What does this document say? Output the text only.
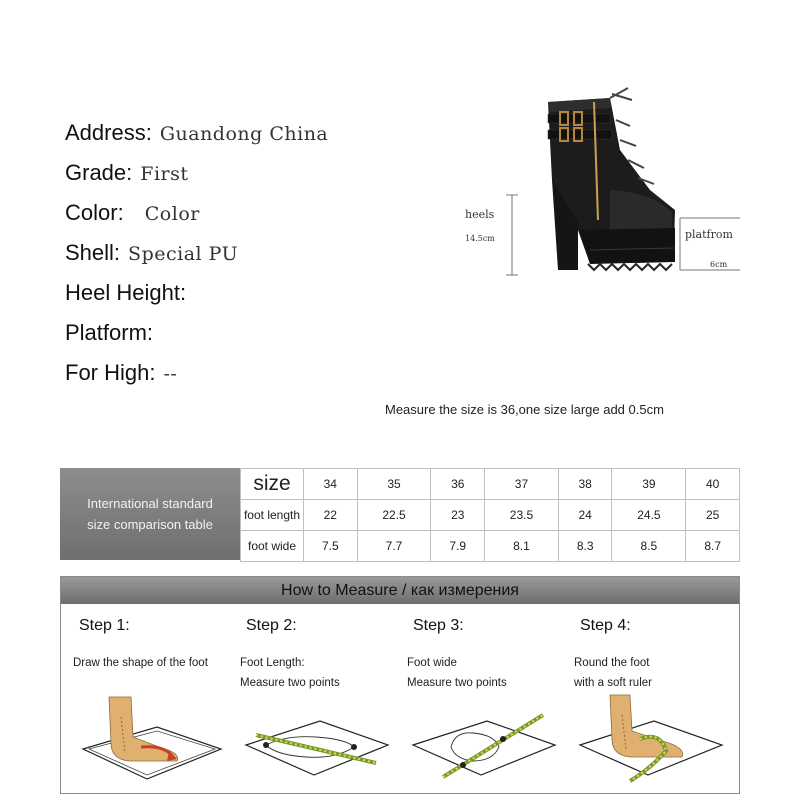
Address: Guandong China
Grade: First
Color:  Color
Shell: Special PU
Heel Height:
Platform:
For High: --
heels
14.5cm	platfrom
6cm
Measure the size is 36,one size large add 0.5cm
International standard
size comparison table
size	34	35	36	37	38	39	40
foot length	22	22.5	23	23.5	24	24.5	25
foot wide	7.5	7.7	7.9	8.1	8.3	8.5	8.7
How to Measure / как измерения
Step 1:
Draw the shape of the foot
Step 2:
Foot Length:
Measure two points
Step 3:
Foot wide
Measure two points
Step 4:
Round the foot
with a soft ruler
